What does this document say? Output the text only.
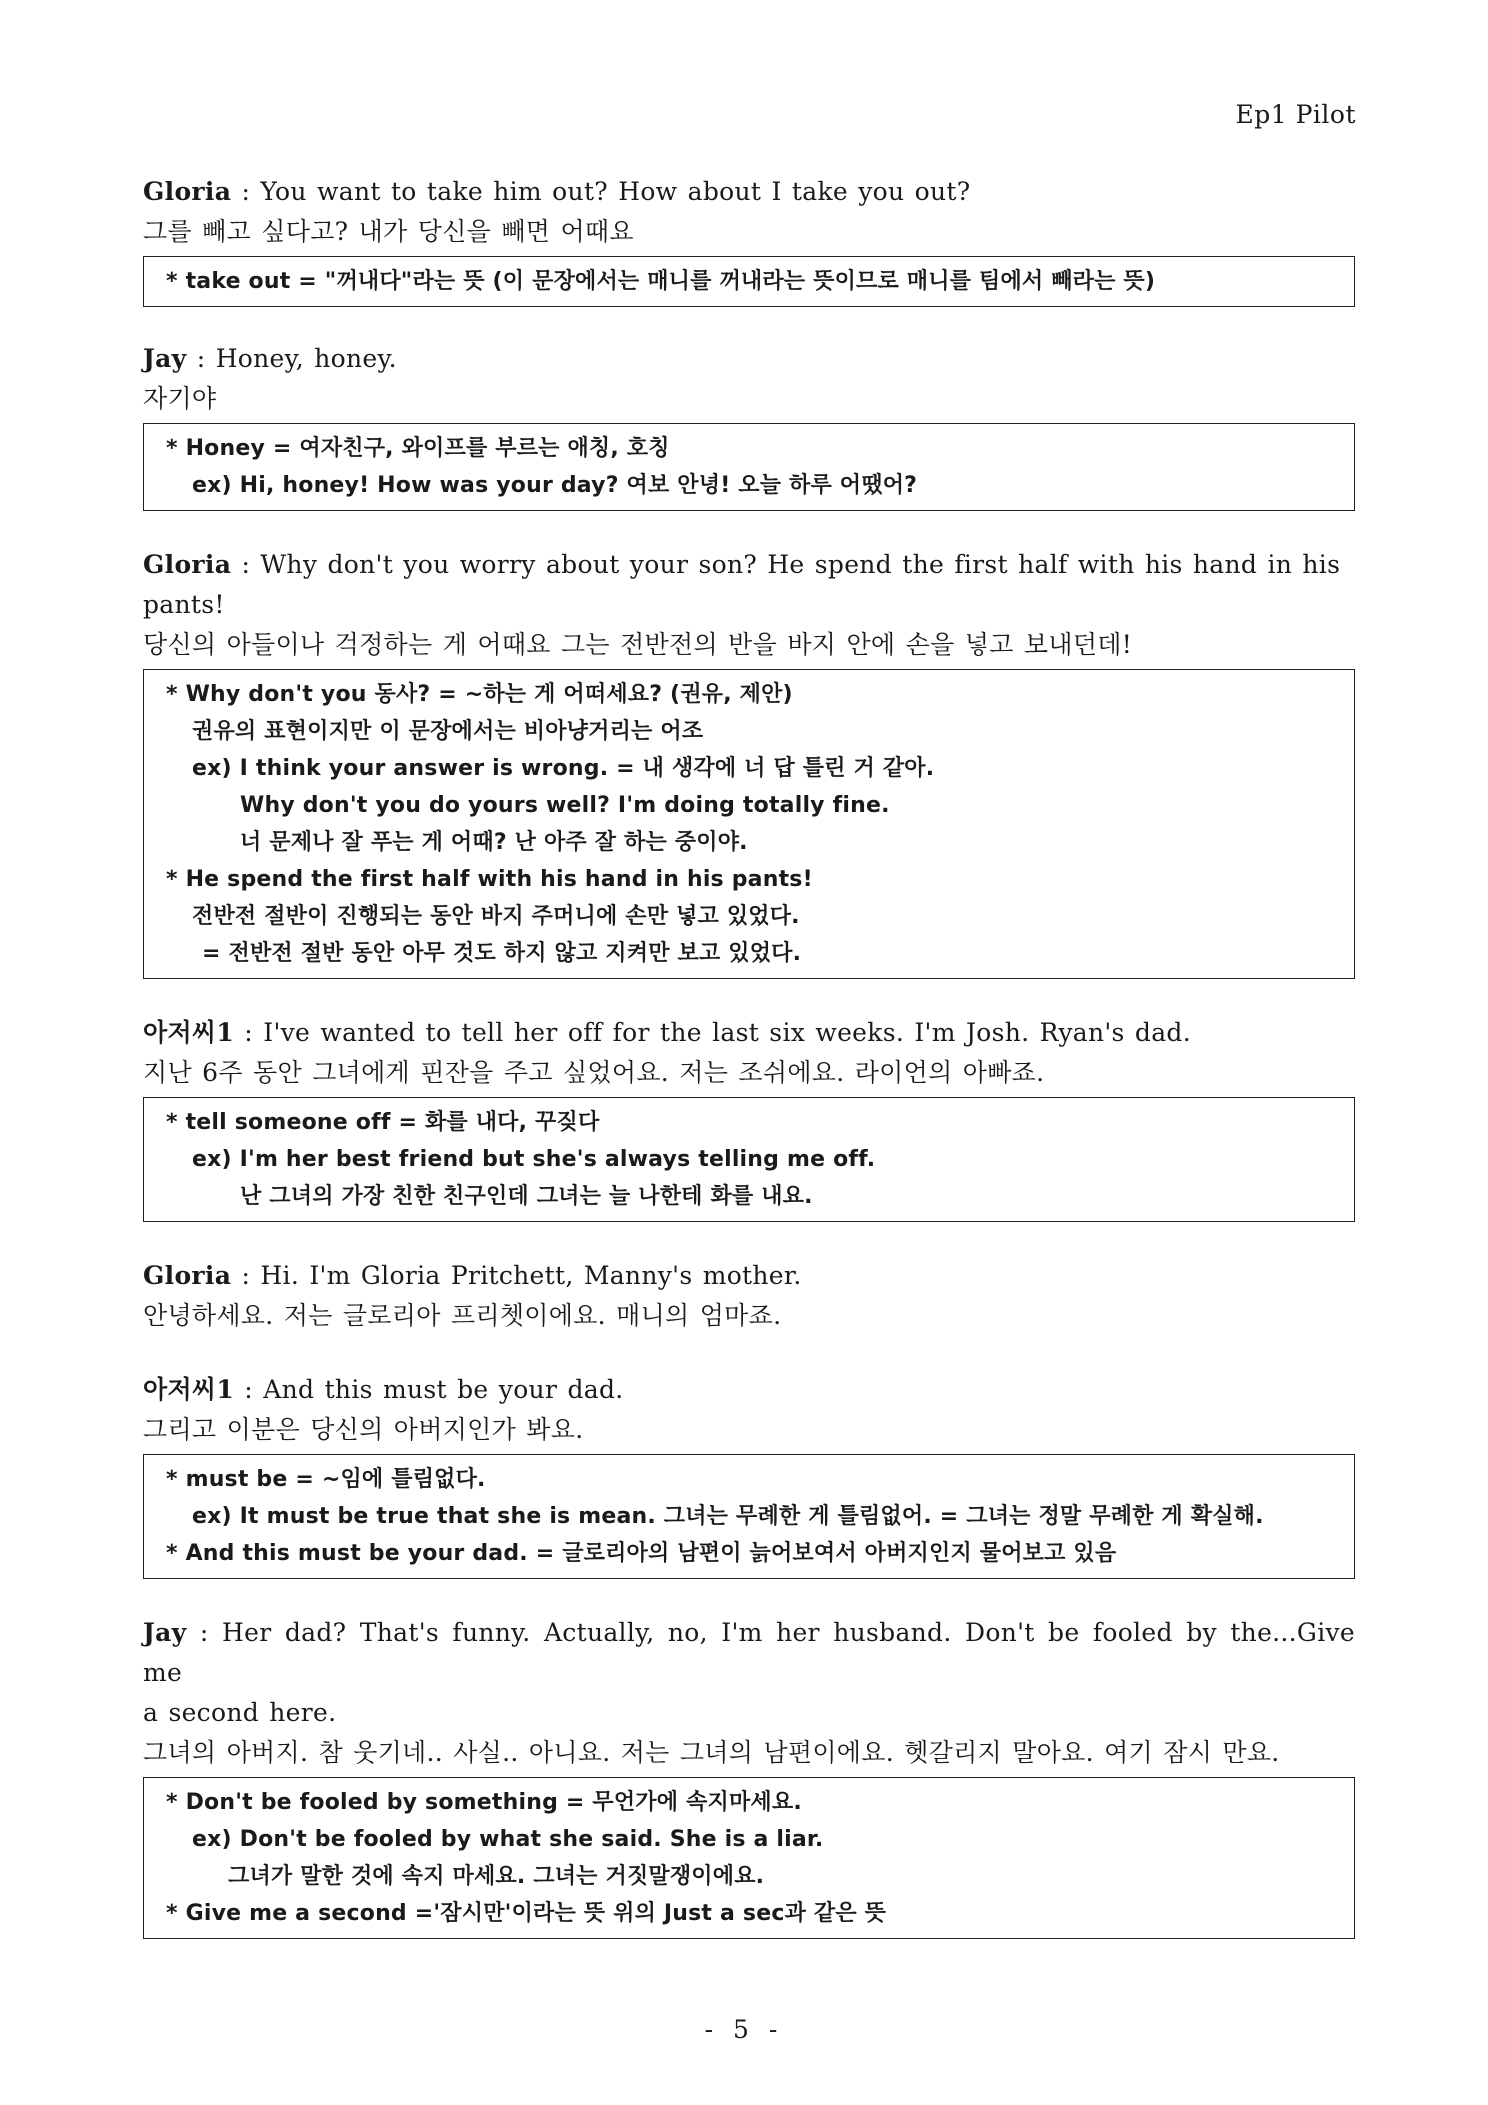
Ep1 Pilot
Gloria : You want to take him out? How about I take you out?
그를 빼고 싶다고? 내가 당신을 빼면 어때요
* take out = "꺼내다"라는 뜻 (이 문장에서는 매니를 꺼내라는 뜻이므로 매니를 팀에서 빼라는 뜻)
Jay : Honey, honey.
자기야
* Honey = 여자친구, 와이프를 부르는 애칭, 호칭
ex) Hi, honey! How was your day? 여보 안녕! 오늘 하루 어땠어?
Gloria : Why don't you worry about your son? He spend the first half with his hand in his
pants!
당신의 아들이나 걱정하는 게 어때요 그는 전반전의 반을 바지 안에 손을 넣고 보내던데!
* Why don't you 동사? = ~하는 게 어떠세요? (권유, 제안)
권유의 표현이지만 이 문장에서는 비아냥거리는 어조
ex) I think your answer is wrong. = 내 생각에 너 답 틀린 거 같아.
Why don't you do yours well? I'm doing totally fine.
너 문제나 잘 푸는 게 어때? 난 아주 잘 하는 중이야.
* He spend the first half with his hand in his pants!
전반전 절반이 진행되는 동안 바지 주머니에 손만 넣고 있었다.
= 전반전 절반 동안 아무 것도 하지 않고 지켜만 보고 있었다.
아저씨1 : I've wanted to tell her off for the last six weeks. I'm Josh. Ryan's dad.
지난 6주 동안 그녀에게 핀잔을 주고 싶었어요. 저는 조쉬에요. 라이언의 아빠죠.
* tell someone off = 화를 내다, 꾸짖다
ex) I'm her best friend but she's always telling me off.
난 그녀의 가장 친한 친구인데 그녀는 늘 나한테 화를 내요.
Gloria : Hi. I'm Gloria Pritchett, Manny's mother.
안녕하세요. 저는 글로리아 프리쳇이에요. 매니의 엄마죠.
아저씨1 : And this must be your dad.
그리고 이분은 당신의 아버지인가 봐요.
* must be = ~임에 틀림없다.
ex) It must be true that she is mean. 그녀는 무례한 게 틀림없어. = 그녀는 정말 무례한 게 확실해.
* And this must be your dad. = 글로리아의 남편이 늙어보여서 아버지인지 물어보고 있음
Jay : Her dad? That's funny. Actually, no, I'm her husband. Don't be fooled by the...Give me
a second here.
그녀의 아버지. 참 웃기네.. 사실.. 아니요. 저는 그녀의 남편이에요. 헷갈리지 말아요. 여기 잠시 만요.
* Don't be fooled by something = 무언가에 속지마세요.
ex) Don't be fooled by what she said. She is a liar.
그녀가 말한 것에 속지 마세요. 그녀는 거짓말쟁이에요.
* Give me a second ='잠시만'이라는 뜻 위의 Just a sec과 같은 뜻
- 5 -
